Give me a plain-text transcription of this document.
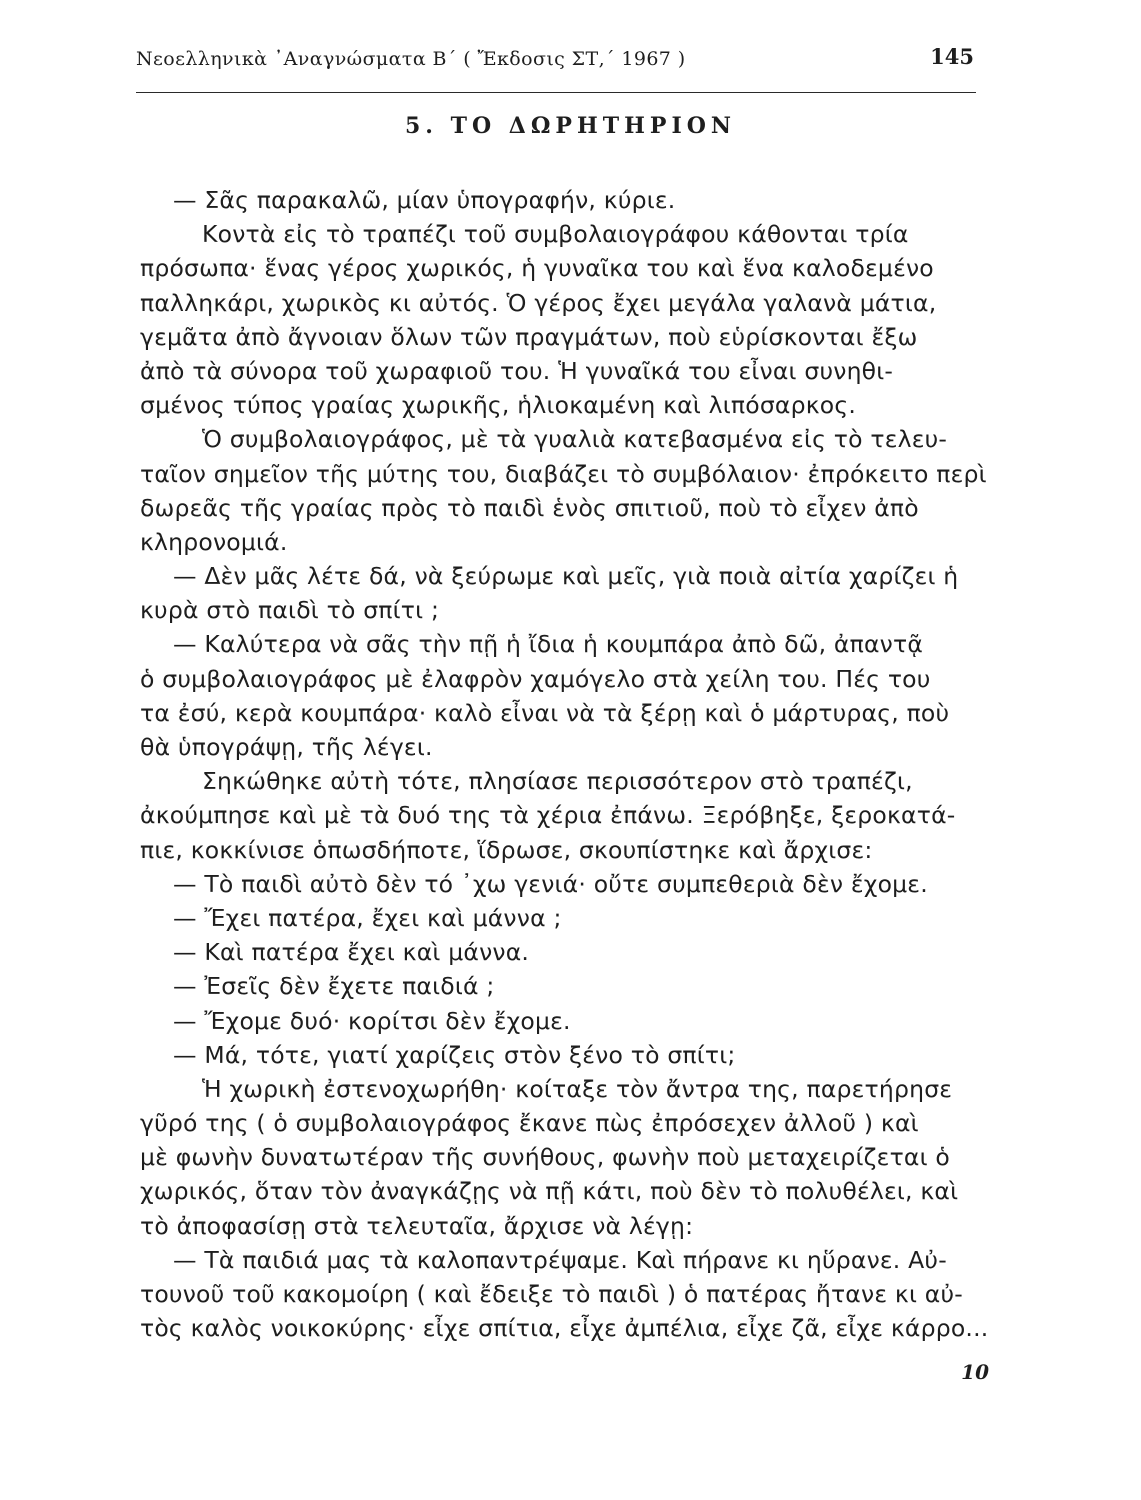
Νεοελληνικὰ ᾿Αναγνώσματα Β΄ ( Ἔκδοσις ΣΤ,΄ 1967 )	145
5. ΤΟ ΔΩΡΗΤΗΡΙΟΝ
— Σᾶς παρακαλῶ, μίαν ὑπογραφήν, κύριε.
Κοντὰ εἰς τὸ τραπέζι τοῦ συμβολαιογράφου κάθονται τρία
πρόσωπα· ἕνας γέρος χωρικός, ἡ γυναῖκα του καὶ ἕνα καλοδεμένο
παλληκάρι, χωρικὸς κι αὐτός. Ὁ γέρος ἔχει μεγάλα γαλανὰ μάτια,
γεμᾶτα ἀπὸ ἄγνοιαν ὅλων τῶν πραγμάτων, ποὺ εὑρίσκονται ἔξω
ἀπὸ τὰ σύνορα τοῦ χωραφιοῦ του. Ἡ γυναῖκά του εἶναι συνηθι-
σμένος τύπος γραίας χωρικῆς, ἡλιοκαμένη καὶ λιπόσαρκος.
Ὁ συμβολαιογράφος, μὲ τὰ γυαλιὰ κατεβασμένα εἰς τὸ τελευ-
ταῖον σημεῖον τῆς μύτης του, διαβάζει τὸ συμβόλαιον· ἐπρόκειτο περὶ
δωρεᾶς τῆς γραίας πρὸς τὸ παιδὶ ἑνὸς σπιτιοῦ, ποὺ τὸ εἶχεν ἀπὸ
κληρονομιά.
— Δὲν μᾶς λέτε δά, νὰ ξεύρωμε καὶ μεῖς, γιὰ ποιὰ αἰτία χαρίζει ἡ
κυρὰ στὸ παιδὶ τὸ σπίτι ;
— Καλύτερα νὰ σᾶς τὴν πῇ ἡ ἴδια ἡ κουμπάρα ἀπὸ δῶ, ἀπαντᾷ
ὁ συμβολαιογράφος μὲ ἐλαφρὸν χαμόγελο στὰ χείλη του. Πές του
τα ἐσύ, κερὰ κουμπάρα· καλὸ εἶναι νὰ τὰ ξέρῃ καὶ ὁ μάρτυρας, ποὺ
θὰ ὑπογράψῃ, τῆς λέγει.
Σηκώθηκε αὐτὴ τότε, πλησίασε περισσότερον στὸ τραπέζι,
ἀκούμπησε καὶ μὲ τὰ δυό της τὰ χέρια ἐπάνω. Ξερόβηξε, ξεροκατά-
πιε, κοκκίνισε ὁπωσδήποτε, ἵδρωσε, σκουπίστηκε καὶ ἄρχισε:
— Τὸ παιδὶ αὐτὸ δὲν τό ᾿χω γενιά· οὔτε συμπεθεριὰ δὲν ἔχομε.
— Ἔχει πατέρα, ἔχει καὶ μάννα ;
— Καὶ πατέρα ἔχει καὶ μάννα.
— Ἐσεῖς δὲν ἔχετε παιδιά ;
— Ἔχομε δυό· κορίτσι δὲν ἔχομε.
— Μά, τότε, γιατί χαρίζεις στὸν ξένο τὸ σπίτι;
Ἡ χωρικὴ ἐστενοχωρήθη· κοίταξε τὸν ἄντρα της, παρετήρησε
γῦρό της ( ὁ συμβολαιογράφος ἔκανε πὼς ἐπρόσεχεν ἀλλοῦ ) καὶ
μὲ φωνὴν δυνατωτέραν τῆς συνήθους, φωνὴν ποὺ μεταχειρίζεται ὁ
χωρικός, ὅταν τὸν ἀναγκάζῃς νὰ πῇ κάτι, ποὺ δὲν τὸ πολυθέλει, καὶ
τὸ ἀποφασίσῃ στὰ τελευταῖα, ἄρχισε νὰ λέγῃ:
— Τὰ παιδιά μας τὰ καλοπαντρέψαμε. Καὶ πήρανε κι ηὕρανε. Αὐ-
τουνοῦ τοῦ κακομοίρη ( καὶ ἔδειξε τὸ παιδὶ ) ὁ πατέρας ἤτανε κι αὐ-
τὸς καλὸς νοικοκύρης· εἶχε σπίτια, εἶχε ἀμπέλια, εἶχε ζᾶ, εἶχε κάρρο...
10
